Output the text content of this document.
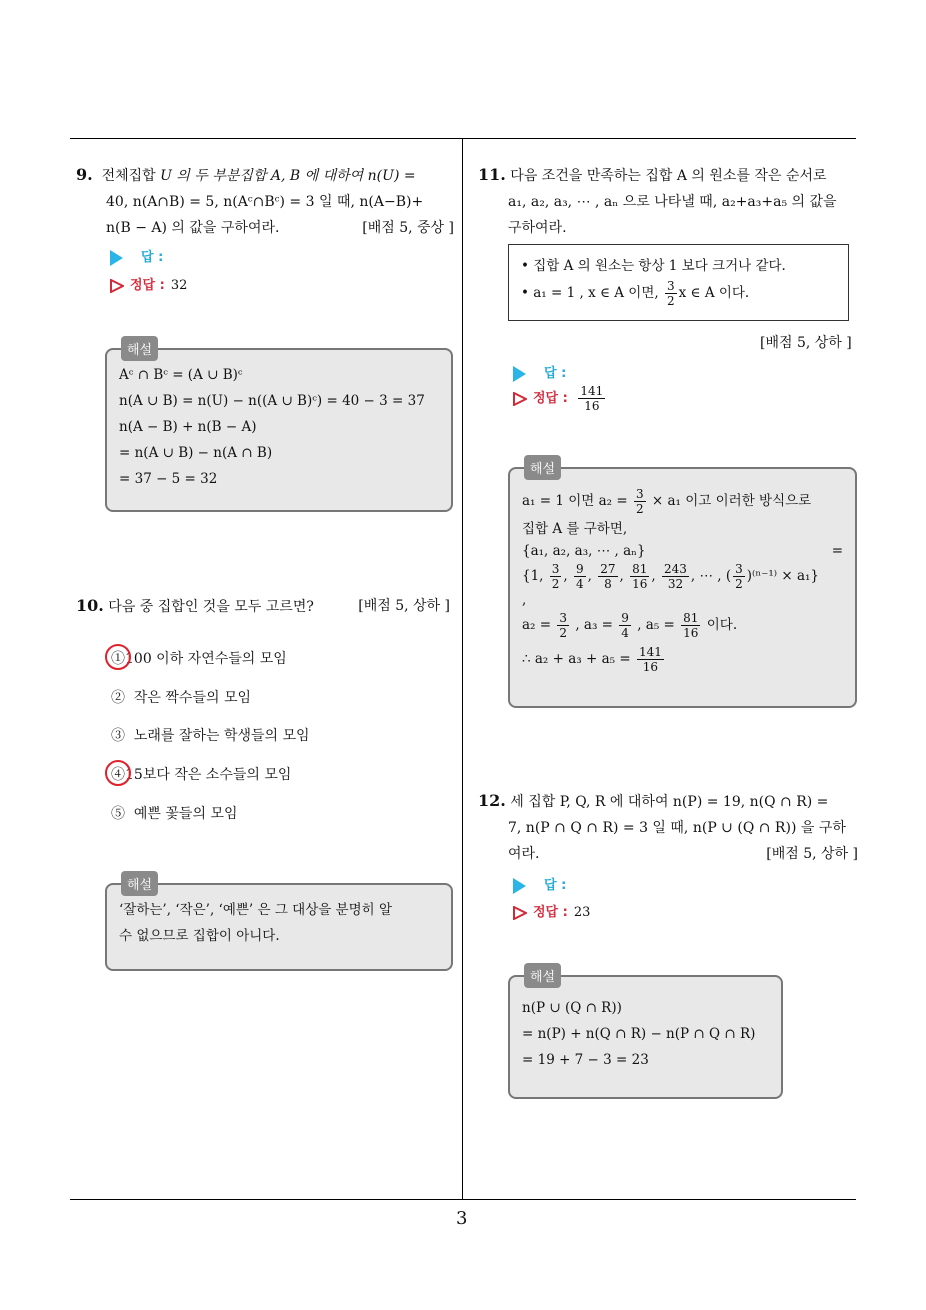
3
9. 전체집합 U 의 두 부분집합 A, B 에 대하여 n(U) =
40, n(A∩B) = 5, n(Aᶜ∩Bᶜ) = 3 일 때, n(A−B)+
n(B − A) 의 값을 구하여라.	[배점 5, 중상 ]
답 :
정답 : 32
해설
Aᶜ ∩ Bᶜ = (A ∪ B)ᶜ
n(A ∪ B) = n(U) − n((A ∪ B)ᶜ) = 40 − 3 = 37
n(A − B) + n(B − A)
= n(A ∪ B) − n(A ∩ B)
= 37 − 5 = 32
10. 다음 중 집합인 것을 모두 고르면?	[배점 5, 상하 ]
①100 이하 자연수들의 모임
② 작은 짝수들의 모임
③ 노래를 잘하는 학생들의 모임
④15보다 작은 소수들의 모임
⑤ 예쁜 꽃들의 모임
해설
‘잘하는’, ‘작은’, ‘예쁜’ 은 그 대상을 분명히 알
수 없으므로 집합이 아니다.
11. 다음 조건을 만족하는 집합 A 의 원소를 작은 순서로
a₁, a₂, a₃, ⋯ , aₙ 으로 나타낼 때, a₂+a₃+a₅ 의 값을
구하여라.
• 집합 A 의 원소는 항상 1 보다 크거나 같다.
• a₁ = 1 , x ∈ A 이면, $\frac{3}{2}$ x ∈ A 이다.
[배점 5, 상하 ]
답 :
정답 : $\frac{141}{16}$
해설
a₁ = 1 이면 $a_2 = \frac{3}{2} \times a_1$ 이고 이러한 방식으로
집합 A 를 구하면,
{a₁, a₂, a₃, ⋯ , aₙ}	=
{1, $\frac{3}{2}$ , $\frac{9}{4}$ , $\frac{27}{8}$ , $\frac{81}{16}$ , $\frac{243}{32}$ , ⋯ , ( $\frac{3}{2} )^{(n-1)} \times a_1$}
,
$a_2 = \frac{3}{2}$ , $a_3 = \frac{9}{4}$ , $a_5 = \frac{81}{16}$ 이다.
∴ $a_2 + a_3 + a_5 = \frac{141}{16}$
12. 세 집합 P, Q, R 에 대하여 n(P) = 19, n(Q ∩ R) =
7, n(P ∩ Q ∩ R) = 3 일 때, n(P ∪ (Q ∩ R)) 을 구하
여라.	[배점 5, 상하 ]
답 :
정답 : 23
해설
n(P ∪ (Q ∩ R))
= n(P) + n(Q ∩ R) − n(P ∩ Q ∩ R)
= 19 + 7 − 3 = 23
